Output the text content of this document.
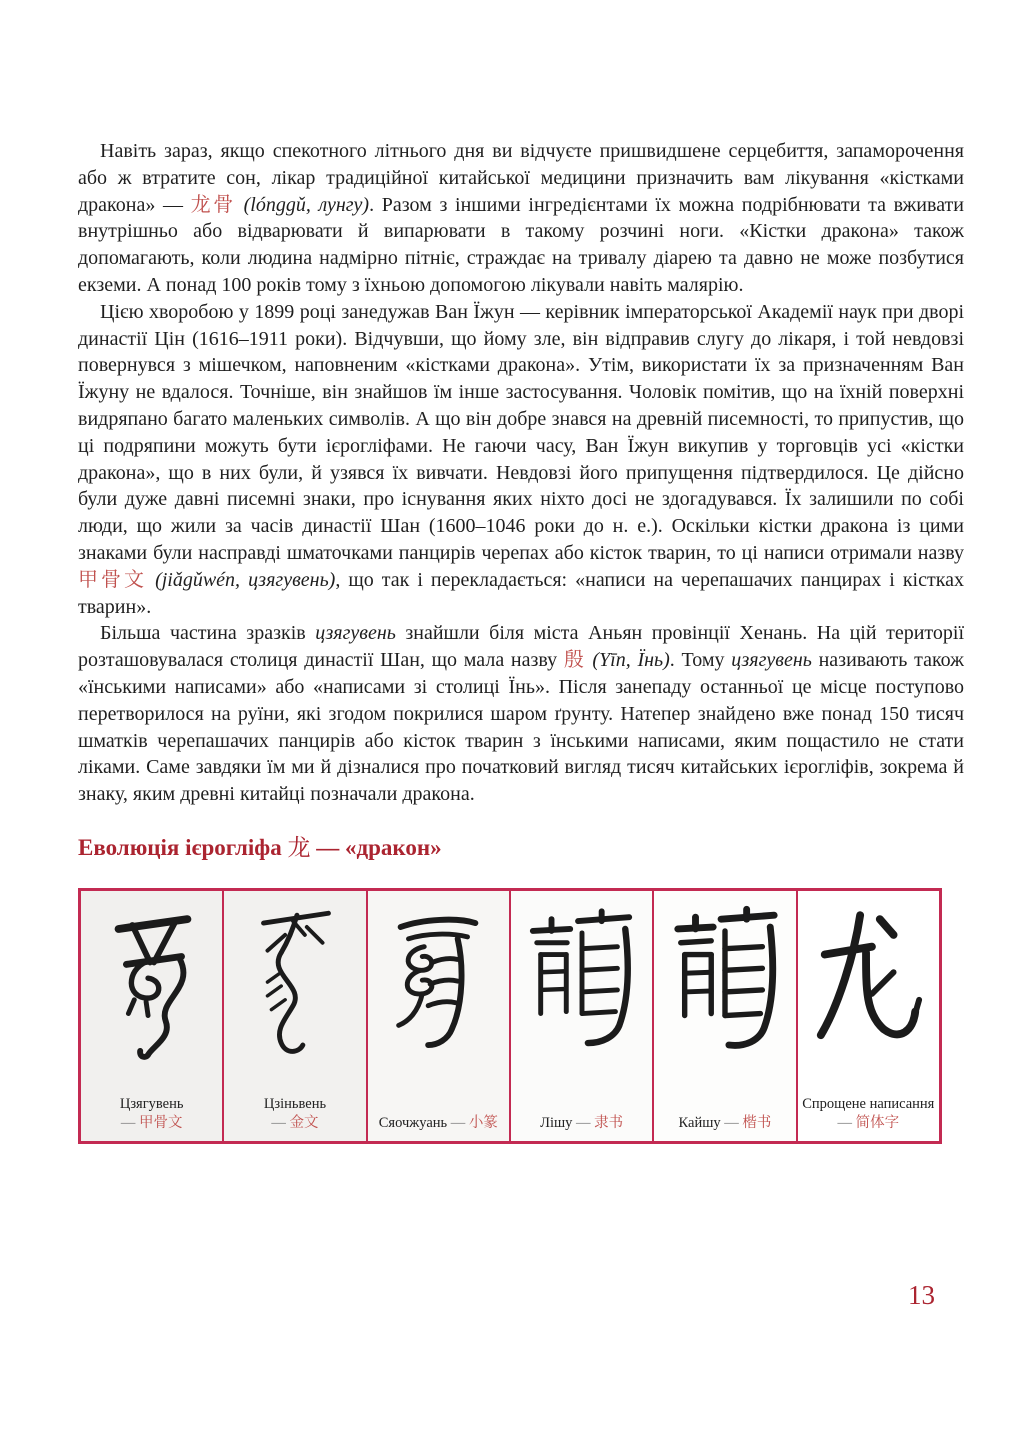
Навіть зараз, якщо спекотного літнього дня ви відчуєте пришвидшене серцебиття, запаморочення або ж втратите сон, лікар традиційної китайської медицини призначить вам лікування «кістками дракона» — 龙骨 (lónggǔ, лунгу). Разом з іншими інгредієнтами їх можна подрібнювати та вживати внутрішньо або відварювати й випарювати в такому розчині ноги. «Кістки дракона» також допомагають, коли людина надмірно пітніє, страждає на тривалу діарею та давно не може позбутися екземи. А понад 100 років тому з їхньою допомогою лікували навіть малярію.

Цією хворобою у 1899 році занедужав Ван Їжун — керівник імператорської Академії наук при дворі династії Цін (1616–1911 роки). Відчувши, що йому зле, він відправив слугу до лікаря, і той невдовзі повернувся з мішечком, наповненим «кістками дракона». Утім, використати їх за призначенням Ван Їжуну не вдалося. Точніше, він знайшов їм інше застосування. Чоловік помітив, що на їхній поверхні видряпано багато маленьких символів. А що він добре знався на древній писемності, то припустив, що ці подряпини можуть бути ієрогліфами. Не гаючи часу, Ван Їжун викупив у торговців усі «кістки дракона», що в них були, й узявся їх вивчати. Невдовзі його припущення підтвердилося. Це дійсно були дуже давні писемні знаки, про існування яких ніхто досі не здогадувався. Їх залишили по собі люди, що жили за часів династії Шан (1600–1046 роки до н. е.). Оскільки кістки дракона із цими знаками були насправді шматочками панцирів черепах або кісток тварин, то ці написи отримали назву 甲骨文 (jiǎgǔwén, цзягувень), що так і перекладається: «написи на черепашачих панцирах і кістках тварин».

Більша частина зразків цзягувень знайшли біля міста Аньян провінції Хенань. На цій території розташовувалася столиця династії Шан, що мала назву 殷 (Yīn, Їнь). Тому цзягувень називають також «їнськими написами» або «написами зі столиці Їнь». Після занепаду останньої це місце поступово перетворилося на руїни, які згодом покрилися шаром ґрунту. Натепер знайдено вже понад 150 тисяч шматків черепашачих панцирів або кісток тварин з їнськими написами, яким пощастило не стати ліками. Саме завдяки їм ми й дізналися про початковий вигляд тисяч китайських ієрогліфів, зокрема й знаку, яким древні китайці позначали дракона.

Еволюція ієрогліфа 龙 — «дракон»
Цзягувень
— 甲骨文
Цзіньвень
— 金文	Сяочжуань — 小篆	Лішу — 隶书	Кайшу — 楷书
Спрощене написання
— 简体字
13
